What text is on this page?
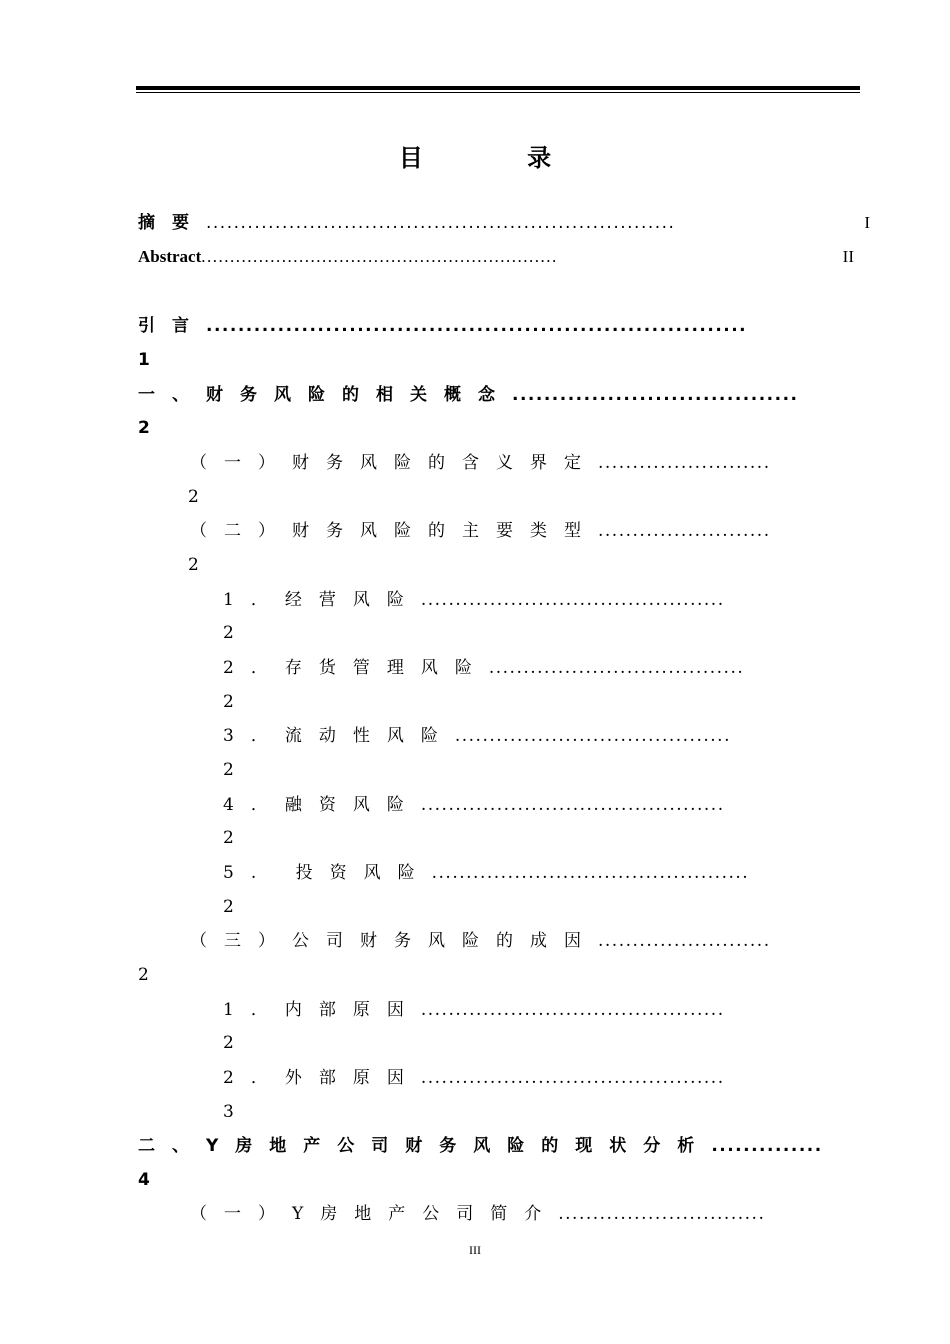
目 录
摘要....................................................................	I
Abstract..............................................................	II
引言....................................................................
1
一、财务风险的相关概念....................................
2
（一）财务风险的含义界定.........................
2
（二）财务风险的主要类型.........................
2
1．经营风险............................................
2
2．存货管理风险.....................................
2
3．流动性风险........................................
2
4．融资风险............................................
2
5. 投资风险..............................................
2
（三）公司财务风险的成因.........................
2
1．内部原因............................................
2
2．外部原因............................................
3
二、Y房地产公司财务风险的现状分析..............
4
（一）Y房地产公司简介..............................
III
